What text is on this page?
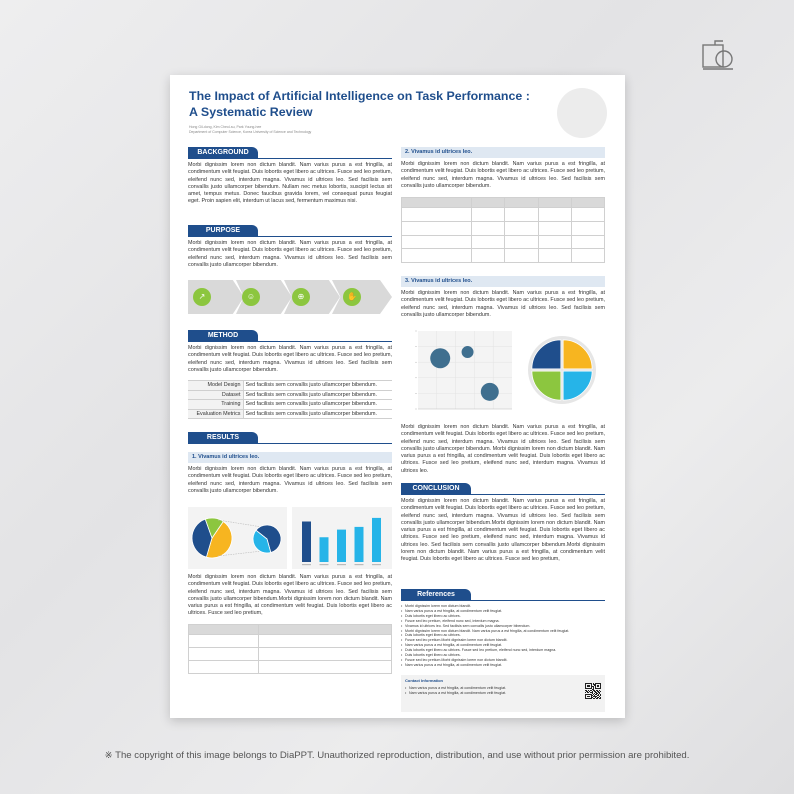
The Impact of Artificial Intelligence on Task Performance : A Systematic Review
Hong Gil-dong, Kim Cheol-su, Park Young-hee
Department of Computer Science, Korea University of Science and Technology
BACKGROUND
Morbi dignissim lorem non dictum blandit. Nam varius purus a est fringilla, at condimentum velit feugiat. Duis lobortis eget libero ac ultrices. Fusce sed leo pretium, eleifend nunc sed, interdum magna. Vivamus id ultrices leo. Sed facilisis sem convallis justo ullamcorper bibendum. Nullam nec metus lobortis, suscipit lectus sit amet, tempus metus. Donec faucibus gravida lorem, vel consequat purus feugiat eget. Proin sapien elit, interdum ut lacus sed, fermentum maximus nisi.
PURPOSE
Morbi dignissim lorem non dictum blandit. Nam varius purus a est fringilla, at condimentum velit feugiat. Duis lobortis eget libero ac ultrices. Fusce sed leo pretium, eleifend nunc sed, interdum magna. Vivamus id ultrices leo. Sed facilisis sem convallis justo ullamcorper bibendum.
↗	☺	⊕	✋
METHOD
Morbi dignissim lorem non dictum blandit. Nam varius purus a est fringilla, at condimentum velit feugiat. Duis lobortis eget libero ac ultrices. Fusce sed leo pretium, eleifend nunc sed, interdum magna. Vivamus id ultrices leo. Sed facilisis sem convallis justo ullamcorper bibendum.
Model Design	Sed facilisis sem convallis justo ullamcorper bibendum.
Dataset	Sed facilisis sem convallis justo ullamcorper bibendum.
Training	Sed facilisis sem convallis justo ullamcorper bibendum.
Evaluation Metrics	Sed facilisis sem convallis justo ullamcorper bibendum.
RESULTS
1. Vivamus id ultrices leo.
Morbi dignissim lorem non dictum blandit. Nam varius purus a est fringilla, at condimentum velit feugiat. Duis lobortis eget libero ac ultrices. Fusce sed leo pretium, eleifend nunc sed, interdum magna. Vivamus id ultrices leo. Sed facilisis sem convallis justo ullamcorper bibendum.
Morbi dignissim lorem non dictum blandit. Nam varius purus a est fringilla, at condimentum velit feugiat. Duis lobortis eget libero ac ultrices. Fusce sed leo pretium, eleifend nunc sed, interdum magna. Vivamus id ultrices leo. Sed facilisis sem convallis justo ullamcorper bibendum.Morbi dignissim lorem non dictum blandit. Nam varius purus a est fringilla, at condimentum velit feugiat. Duis lobortis eget libero ac ultrices. Fusce sed leo pretium,

2. Vivamus id ultrices leo.
Morbi dignissim lorem non dictum blandit. Nam varius purus a est fringilla, at condimentum velit feugiat. Duis lobortis eget libero ac ultrices. Fusce sed leo pretium, eleifend nunc sed, interdum magna. Vivamus id ultrices leo. Sed facilisis sem convallis justo ullamcorper bibendum.

3. Vivamus id ultrices leo.
Morbi dignissim lorem non dictum blandit. Nam varius purus a est fringilla, at condimentum velit feugiat. Duis lobortis eget libero ac ultrices. Fusce sed leo pretium, eleifend nunc sed, interdum magna. Vivamus id ultrices leo. Sed facilisis sem convallis justo ullamcorper bibendum.
Morbi dignissim lorem non dictum blandit. Nam varius purus a est fringilla, at condimentum velit feugiat. Duis lobortis eget libero ac ultrices. Fusce sed leo pretium, eleifend nunc sed, interdum magna. Vivamus id ultrices leo. Sed facilisis sem convallis justo ullamcorper bibendum. Morbi dignissim lorem non dictum blandit. Nam varius purus a est fringilla, at condimentum velit feugiat. Duis lobortis eget libero ac ultrices. Fusce sed leo pretium, eleifend nunc sed, interdum magna. Vivamus id ultrices leo.
CONCLUSION
Morbi dignissim lorem non dictum blandit. Nam varius purus a est fringilla, at condimentum velit feugiat. Duis lobortis eget libero ac ultrices. Fusce sed leo pretium, eleifend nunc sed, interdum magna. Vivamus id ultrices leo. Sed facilisis sem convallis justo ullamcorper bibendum.Morbi dignissim lorem non dictum blandit. Nam varius purus a est fringilla, at condimentum velit feugiat. Duis lobortis eget libero ac ultrices. Fusce sed leo pretium, eleifend nunc sed, interdum magna. Vivamus id ultrices leo. Sed facilisis sem convallis justo ullamcorper bibendum.Morbi dignissim lorem non dictum blandit. Nam varius purus a est fringilla, at condimentum velit feugiat. Duis lobortis eget libero ac ultrices. Fusce sed leo pretium,
References
• Morbi dignissim lorem non dictum blandit.
• Nam varius purus a est fringilla, at condimentum velit feugiat.
• Duis lobortis eget libero ac ultrices.
• Fusce sed leo pretium, eleifend nunc sed, interdum magna.
• Vivamus id ultrices leo. Sed facilisis sem convallis justo ullamcorper bibendum.
• Morbi dignissim lorem non dictum blandit. Nam varius purus a est fringilla, at condimentum velit feugiat.
• Duis lobortis eget libero ac ultrices.
• Fusce sed leo pretium.Morbi dignissim lorem non dictum blandit.
• Nam varius purus a est fringilla, at condimentum velit feugiat.
• Duis lobortis eget libero ac ultrices. Fusce sed leo pretium, eleifend nunc sed, interdum magna.
• Duis lobortis eget libero ac ultrices.
• Fusce sed leo pretium.Morbi dignissim lorem non dictum blandit.
• Nam varius purus a est fringilla, at condimentum velit feugiat.
Contact Information
• Nam varius purus a est fringilla, at condimentum velit feugiat.
• Nam varius purus a est fringilla, at condimentum velit feugiat.
※ The copyright of this image belongs to DiaPPT. Unauthorized reproduction, distribution, and use without prior permission are prohibited.
